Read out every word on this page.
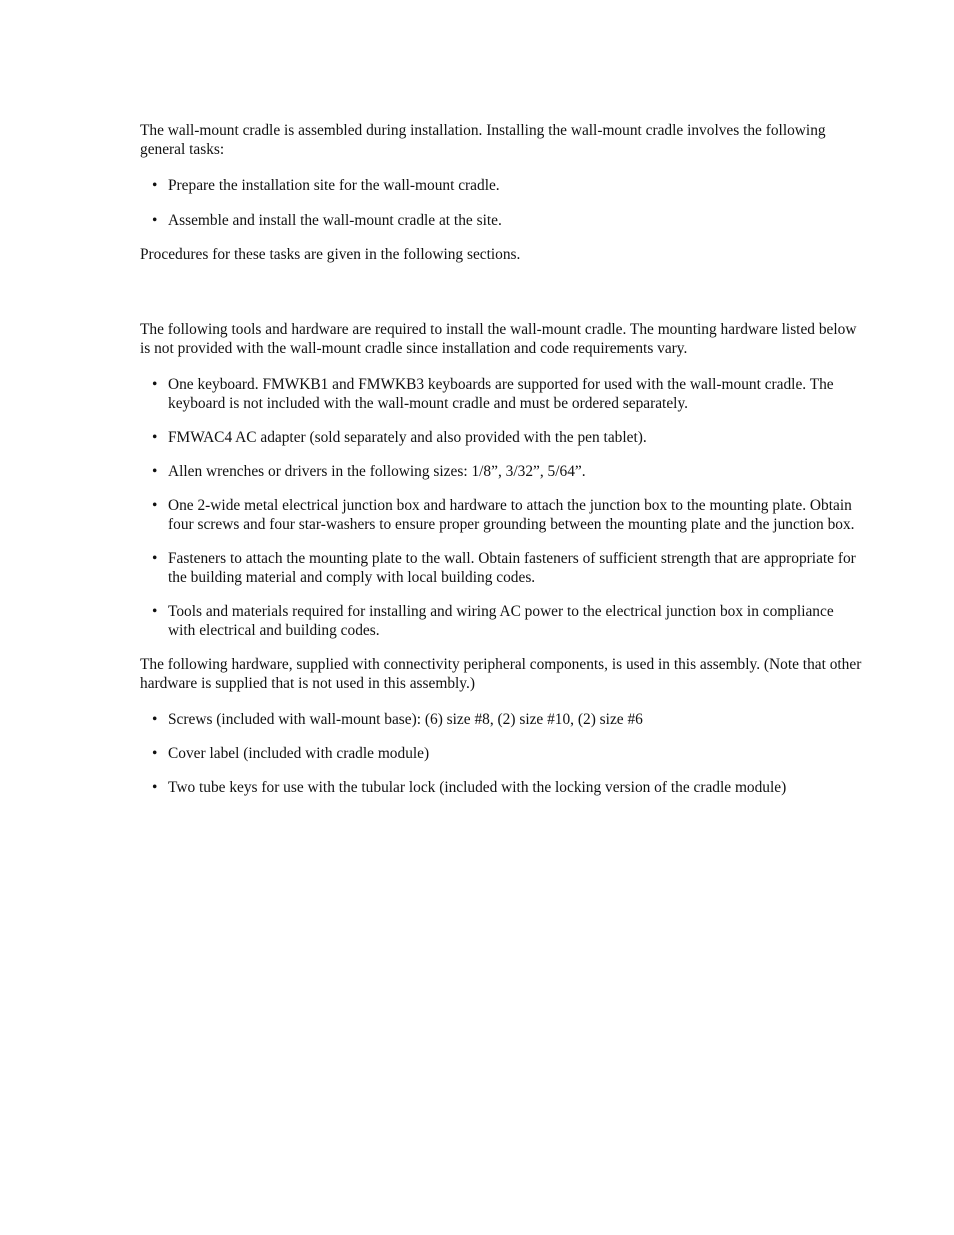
The wall-mount cradle is assembled during installation. Installing the wall-mount cradle involves the following general tasks:

• Prepare the installation site for the wall-mount cradle.
• Assemble and install the wall-mount cradle at the site.

Procedures for these tasks are given in the following sections.

The following tools and hardware are required to install the wall-mount cradle. The mounting hardware listed below is not provided with the wall-mount cradle since installation and code requirements vary.

• One keyboard. FMWKB1 and FMWKB3 keyboards are supported for used with the wall-mount cradle. The keyboard is not included with the wall-mount cradle and must be ordered separately.
• FMWAC4 AC adapter (sold separately and also provided with the pen tablet).
• Allen wrenches or drivers in the following sizes: 1/8”, 3/32”, 5/64”.
• One 2-wide metal electrical junction box and hardware to attach the junction box to the mounting plate. Obtain four screws and four star-washers to ensure proper grounding between the mounting plate and the junction box.
• Fasteners to attach the mounting plate to the wall. Obtain fasteners of sufficient strength that are appropriate for the building material and comply with local building codes.
• Tools and materials required for installing and wiring AC power to the electrical junction box in compliance with electrical and building codes.

The following hardware, supplied with connectivity peripheral components, is used in this assembly. (Note that other hardware is supplied that is not used in this assembly.)

• Screws (included with wall-mount base): (6) size #8, (2) size #10, (2) size #6
• Cover label (included with cradle module)
• Two tube keys for use with the tubular lock (included with the locking version of the cradle module)
